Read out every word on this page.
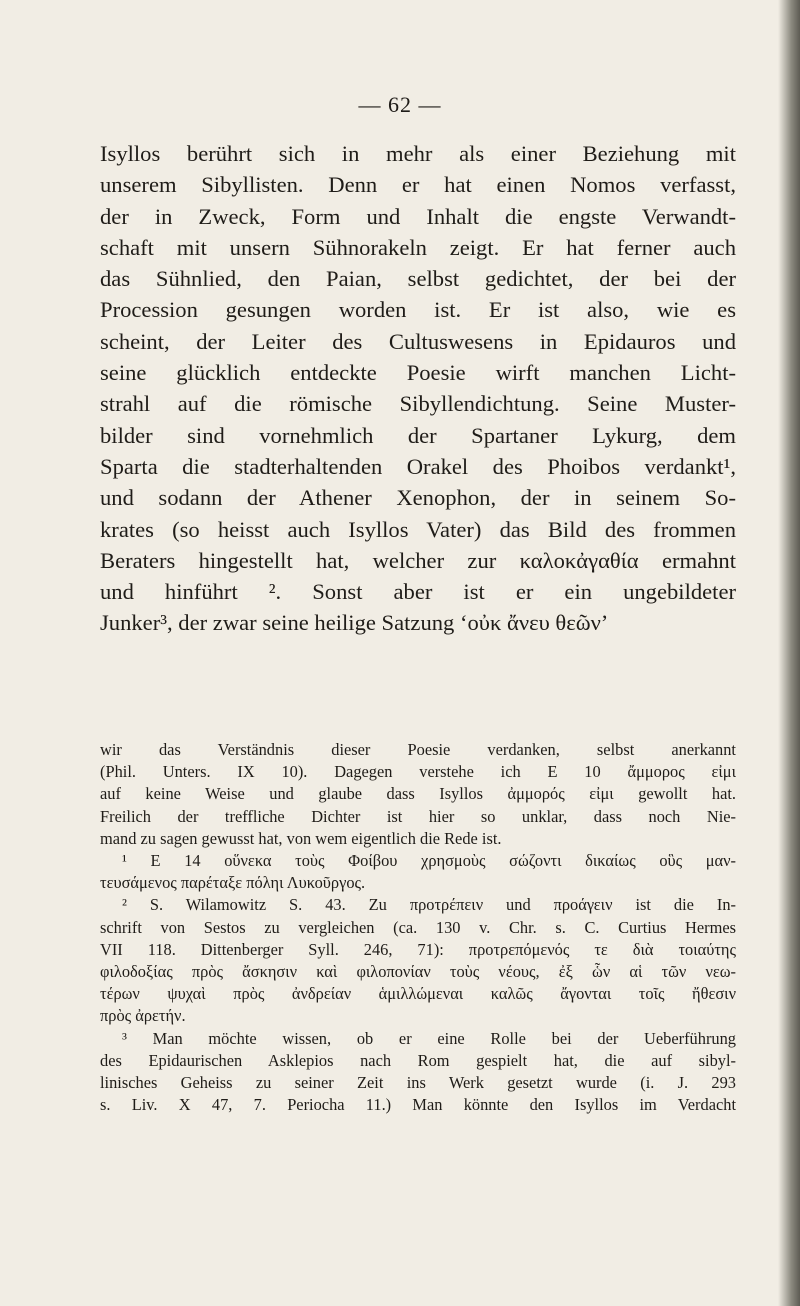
— 62 —
Isyllos berührt sich in mehr als einer Beziehung mit
unserem Sibyllisten. Denn er hat einen Nomos verfasst,
der in Zweck, Form und Inhalt die engste Verwandt-
schaft mit unsern Sühnorakeln zeigt. Er hat ferner auch
das Sühnlied, den Paian, selbst gedichtet, der bei der
Procession gesungen worden ist. Er ist also, wie es
scheint, der Leiter des Cultuswesens in Epidauros und
seine glücklich entdeckte Poesie wirft manchen Licht-
strahl auf die römische Sibyllendichtung. Seine Muster-
bilder sind vornehmlich der Spartaner Lykurg, dem
Sparta die stadterhaltenden Orakel des Phoibos verdankt¹,
und sodann der Athener Xenophon, der in seinem So-
krates (so heisst auch Isyllos Vater) das Bild des frommen
Beraters hingestellt hat, welcher zur καλοκἀγαθία ermahnt
und hinführt ². Sonst aber ist er ein ungebildeter
Junker³, der zwar seine heilige Satzung ‘οὐκ ἄνευ θεῶν’
wir das Verständnis dieser Poesie verdanken, selbst anerkannt
(Phil. Unters. IX 10). Dagegen verstehe ich E 10 ἄμμορος εἰμι
auf keine Weise und glaube dass Isyllos ἀμμορός εἰμι gewollt hat.
Freilich der treffliche Dichter ist hier so unklar, dass noch Nie-
mand zu sagen gewusst hat, von wem eigentlich die Rede ist.
¹ E 14 οὕνεκα τοὺς Φοίβου χρησμοὺς σώζοντι δικαίως οὓς μαν-
τευσάμενος παρέταξε πόληι Λυκοῦργος.
² S. Wilamowitz S. 43. Zu προτρέπειν und προάγειν ist die In-
schrift von Sestos zu vergleichen (ca. 130 v. Chr. s. C. Curtius Hermes
VII 118. Dittenberger Syll. 246, 71): προτρεπόμενός τε διὰ τοιαύτης
φιλοδοξίας πρὸς ἄσκησιν καὶ φιλοπονίαν τοὺς νέους, ἐξ ὧν αἱ τῶν νεω-
τέρων ψυχαὶ πρὸς ἀνδρείαν ἁμιλλώμεναι καλῶς ἄγονται τοῖς ἤθεσιν
πρὸς ἀρετήν.
³ Man möchte wissen, ob er eine Rolle bei der Ueberführung
des Epidaurischen Asklepios nach Rom gespielt hat, die auf sibyl-
linisches Geheiss zu seiner Zeit ins Werk gesetzt wurde (i. J. 293
s. Liv. X 47, 7. Periocha 11.) Man könnte den Isyllos im Verdacht
